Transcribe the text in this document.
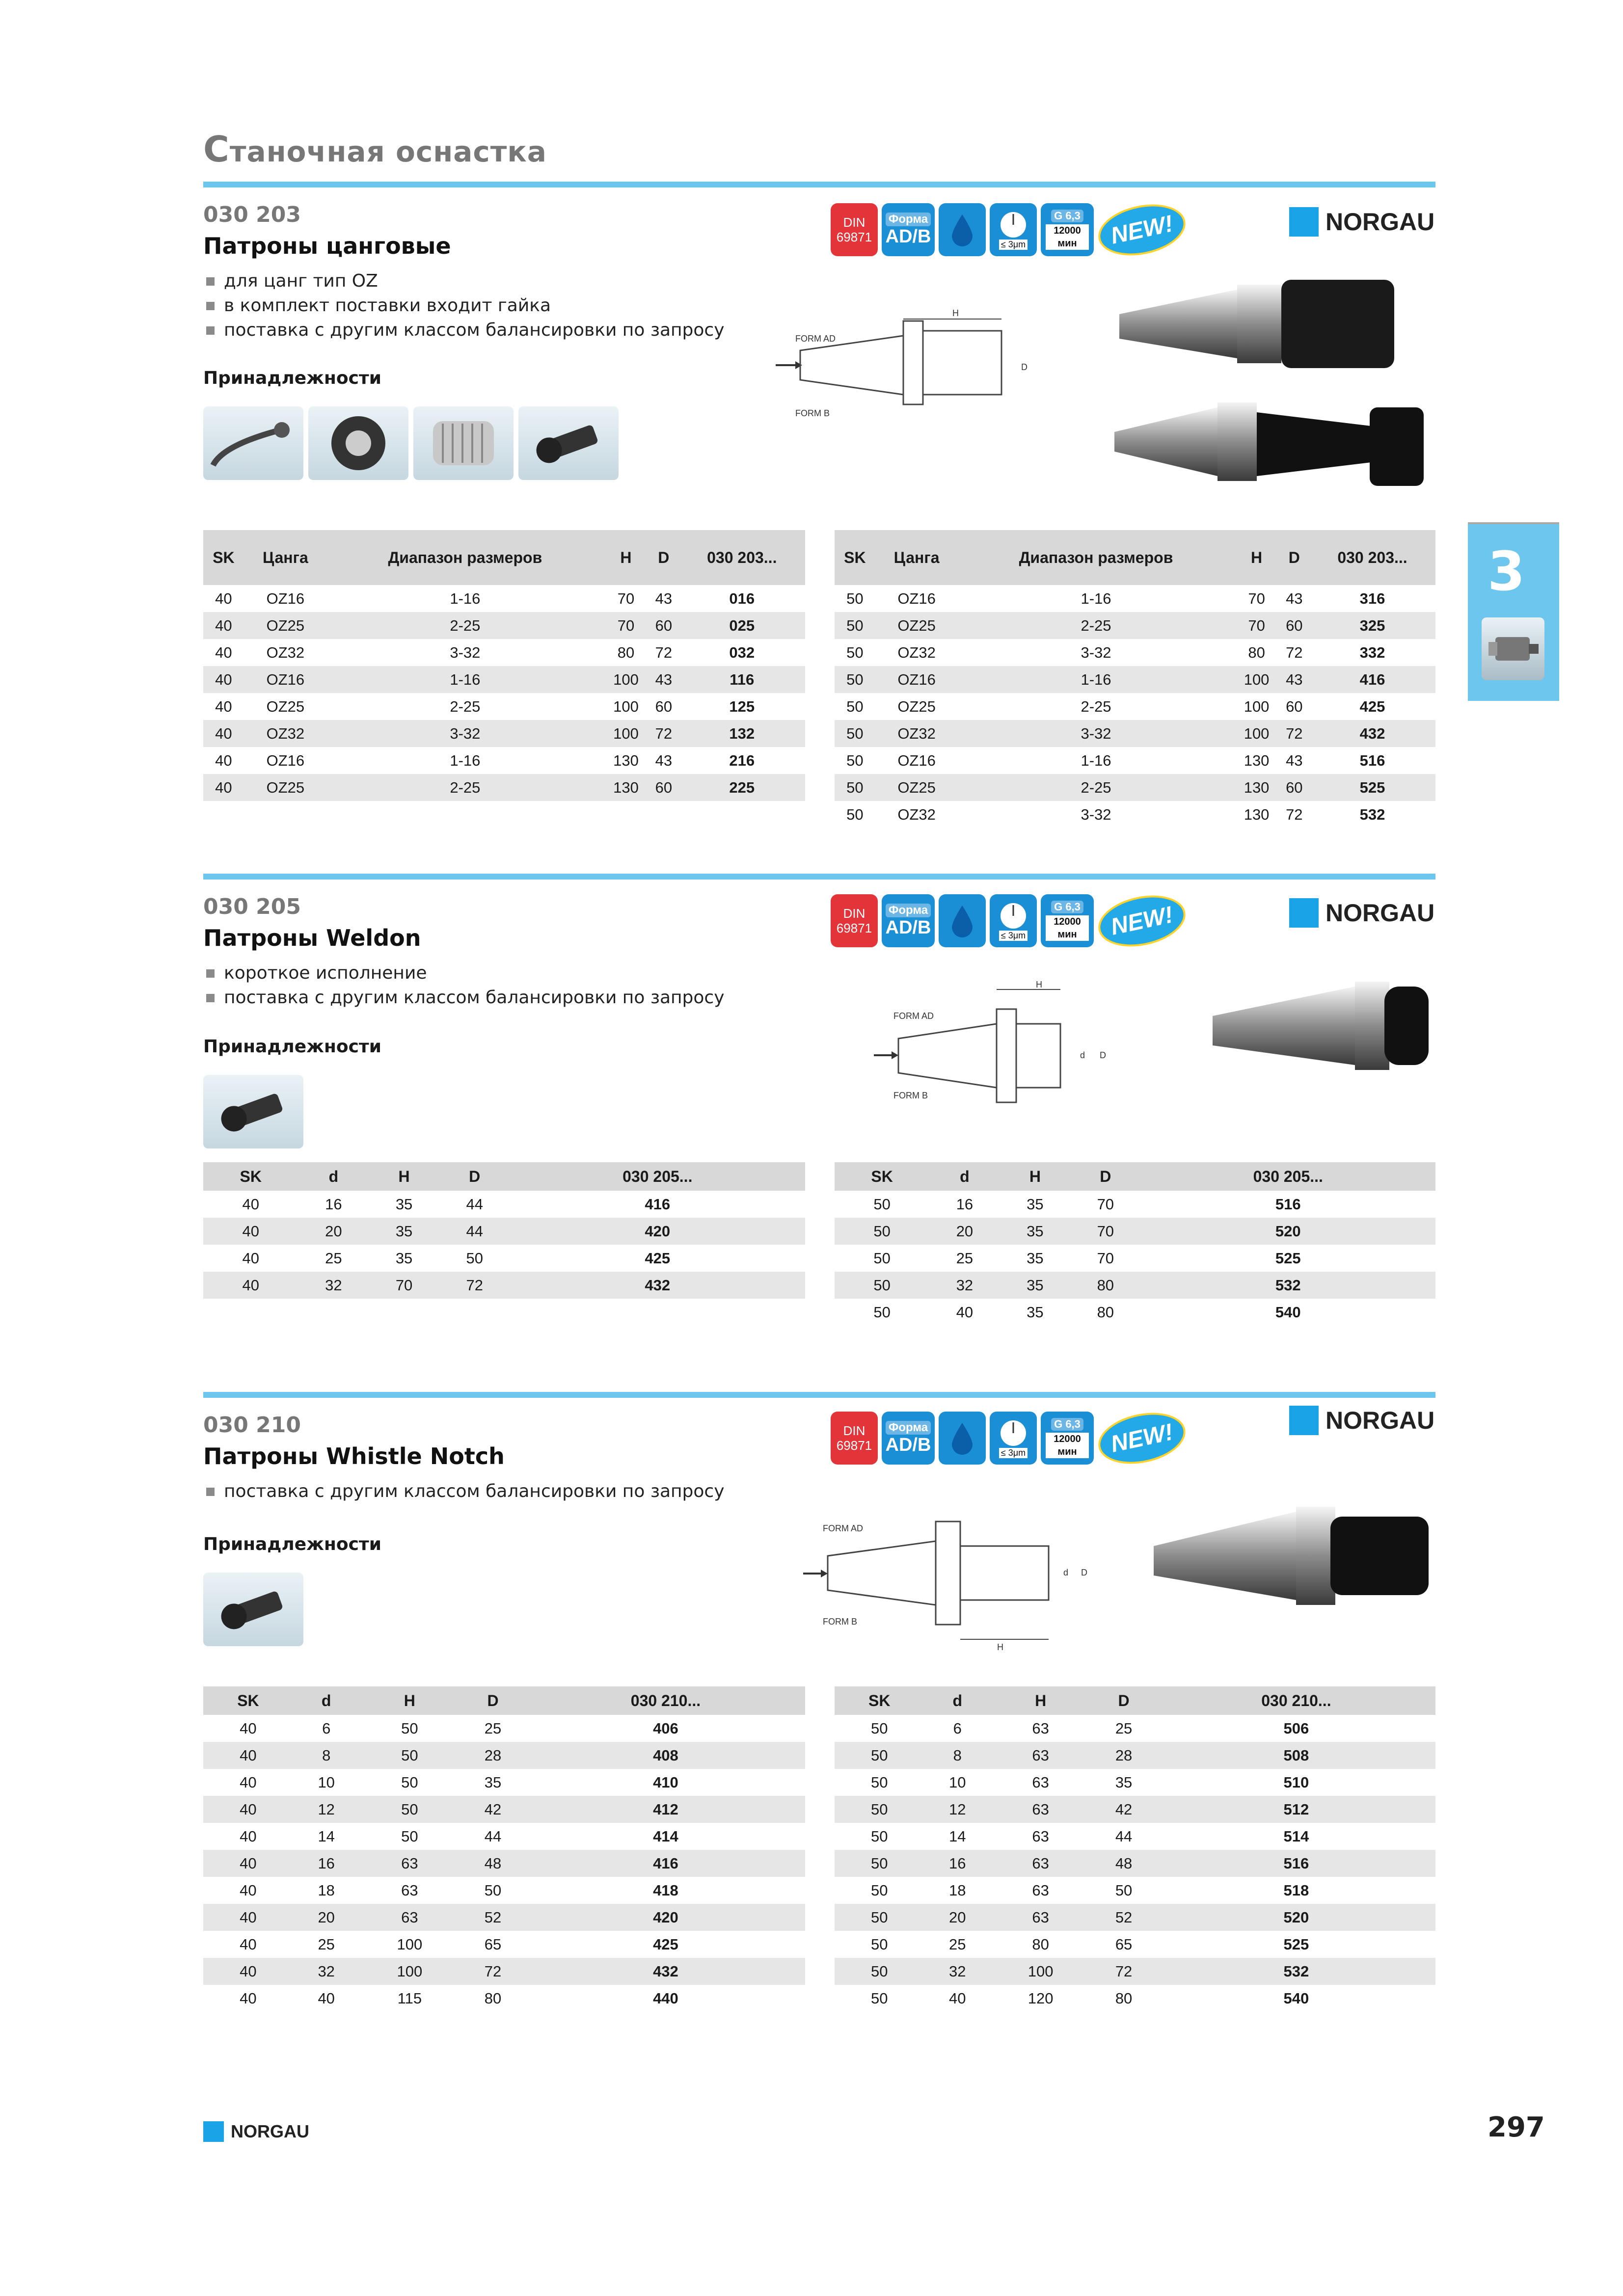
Станочная оснастка
3
030 203
Патроны цанговые
для цанг тип OZ
в комплект поставки входит гайка
поставка с другим классом балансировки по запросу
Принадлежности
DIN
69871
Форма
AD/B	≤ 3μm
G 6,3
12000
мин	NEW!	NORGAU
FORM AD
FORM B
H
D
SK	Цанга	Диапазон размеров	H	D	030 203...
40	OZ16	1-16	70	43	016
40	OZ25	2-25	70	60	025
40	OZ32	3-32	80	72	032
40	OZ16	1-16	100	43	116
40	OZ25	2-25	100	60	125
40	OZ32	3-32	100	72	132
40	OZ16	1-16	130	43	216
40	OZ25	2-25	130	60	225
SK	Цанга	Диапазон размеров	H	D	030 203...
50	OZ16	1-16	70	43	316
50	OZ25	2-25	70	60	325
50	OZ32	3-32	80	72	332
50	OZ16	1-16	100	43	416
50	OZ25	2-25	100	60	425
50	OZ32	3-32	100	72	432
50	OZ16	1-16	130	43	516
50	OZ25	2-25	130	60	525
50	OZ32	3-32	130	72	532
030 205
Патроны Weldon
короткое исполнение
поставка с другим классом балансировки по запросу
Принадлежности
DIN
69871
Форма
AD/B	≤ 3μm
G 6,3
12000
мин	NEW!	NORGAU
FORM AD
FORM B
H
d D
SK	d	H	D	030 205...
40	16	35	44	416
40	20	35	44	420
40	25	35	50	425
40	32	70	72	432
SK	d	H	D	030 205...
50	16	35	70	516
50	20	35	70	520
50	25	35	70	525
50	32	35	80	532
50	40	35	80	540
030 210
Патроны Whistle Notch
поставка с другим классом балансировки по запросу
Принадлежности
DIN
69871
Форма
AD/B	≤ 3μm
G 6,3
12000
мин	NEW!	NORGAU
FORM AD
FORM B
H
d D
SK	d	H	D	030 210...
40	6	50	25	406
40	8	50	28	408
40	10	50	35	410
40	12	50	42	412
40	14	50	44	414
40	16	63	48	416
40	18	63	50	418
40	20	63	52	420
40	25	100	65	425
40	32	100	72	432
40	40	115	80	440
SK	d	H	D	030 210...
50	6	63	25	506
50	8	63	28	508
50	10	63	35	510
50	12	63	42	512
50	14	63	44	514
50	16	63	48	516
50	18	63	50	518
50	20	63	52	520
50	25	80	65	525
50	32	100	72	532
50	40	120	80	540
NORGAU	297
